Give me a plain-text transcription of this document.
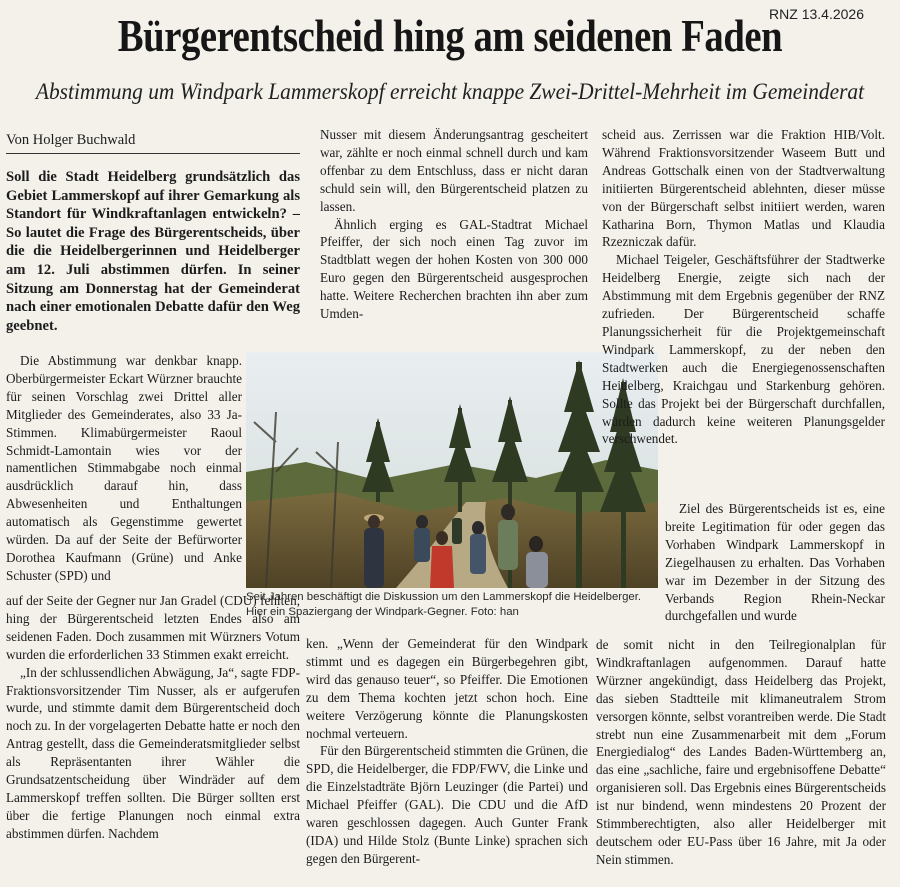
RNZ 13.4.2026
Bürgerentscheid hing am seidenen Faden
Abstimmung um Windpark Lammerskopf erreicht knappe Zwei-Drittel-Mehrheit im Gemeinderat
Von Holger Buchwald

Soll die Stadt Heidelberg grundsätzlich das Gebiet Lammerskopf auf ihrer Gemarkung als Standort für Windkraftanlagen entwickeln? – So lautet die Frage des Bürgerentscheids, über die die Heidelbergerinnen und Heidelberger am 12. Juli abstimmen dürfen. In seiner Sitzung am Donnerstag hat der Gemeinderat nach einer emotionalen Debatte dafür den Weg geebnet.

Die Abstimmung war denkbar knapp. Oberbürgermeister Eckart Würzner brauchte für seinen Vorschlag zwei Drittel aller Mitglieder des Gemeinderates, also 33 Ja-Stimmen. Klimabürgermeister Raoul Schmidt-Lamontain wies vor der namentlichen Stimmabgabe noch einmal ausdrücklich darauf hin, dass Abwesenheiten und Enthaltungen automatisch als Gegenstimme gewertet würden. Da auf der Seite der Befürworter Dorothea Kaufmann (Grüne) und Anke Schuster (SPD) und

auf der Seite der Gegner nur Jan Gradel (CDU) fehlten, hing der Bürgerentscheid letzten Endes also am seidenen Faden. Doch zusammen mit Würzners Votum wurden die erforderlichen 33 Stimmen exakt erreicht.

„In der schlussendlichen Abwägung, Ja“, sagte FDP-Fraktionsvorsitzender Tim Nusser, als er aufgerufen wurde, und stimmte damit dem Bürgerentscheid doch noch zu. In der vorgelagerten Debatte hatte er noch den Antrag gestellt, dass die Gemeinderatsmitglieder selbst als Repräsentanten ihrer Wähler die Grundsatzentscheidung über Windräder auf dem Lammerskopf treffen sollten. Die Bürger sollten erst über die fertige Planungen noch einmal extra abstimmen dürfen. Nachdem

Nusser mit diesem Änderungsantrag gescheitert war, zählte er noch einmal schnell durch und kam offenbar zu dem Entschluss, dass er nicht daran schuld sein will, den Bürgerentscheid platzen zu lassen.

Ähnlich erging es GAL-Stadtrat Michael Pfeiffer, der sich noch einen Tag zuvor im Stadtblatt wegen der hohen Kosten von 300 000 Euro gegen den Bürgerentscheid ausgesprochen hatte. Weitere Recherchen brachten ihn aber zum Umden-

Seit Jahren beschäftigt die Diskussion um den Lammerskopf die Heidelberger. Hier ein Spaziergang der Windpark-Gegner. Foto: han

ken. „Wenn der Gemeinderat für den Windpark stimmt und es dagegen ein Bürgerbegehren gibt, wird das genauso teuer“, so Pfeiffer. Die Emotionen zu dem Thema kochten jetzt schon hoch. Eine weitere Verzögerung könnte die Planungskosten nochmal verteuern.

Für den Bürgerentscheid stimmten die Grünen, die SPD, die Heidelberger, die FDP/FWV, die Linke und die Einzelstadträte Björn Leuzinger (die Partei) und Michael Pfeiffer (GAL). Die CDU und die AfD waren geschlossen dagegen. Auch Gunter Frank (IDA) und Hilde Stolz (Bunte Linke) sprachen sich gegen den Bürgerent-

scheid aus. Zerrissen war die Fraktion HIB/Volt. Während Fraktionsvorsitzender Waseem Butt und Andreas Gottschalk einen von der Stadtverwaltung initiierten Bürgerentscheid ablehnten, dieser müsse von der Bürgerschaft selbst initiiert werden, waren Katharina Born, Thymon Matlas und Klaudia Rzezniczak dafür.

Michael Teigeler, Geschäftsführer der Stadtwerke Heidelberg Energie, zeigte sich nach der Abstimmung mit dem Ergebnis gegenüber der RNZ zufrieden. Der Bürgerentscheid schaffe Planungssicherheit für die Projektgemeinschaft Windpark Lammerskopf, zu der neben den Stadtwerken auch die Energiegenossenschaften Heidelberg, Kraichgau und Starkenburg gehören. Sollte das Projekt bei der Bürgerschaft durchfallen, würden dadurch keine weiteren Planungsgelder verschwendet.

Ziel des Bürgerentscheids ist es, eine breite Legitimation für oder gegen das Vorhaben Windpark Lammerskopf in Ziegelhausen zu erhalten. Das Vorhaben war im Dezember in der Sitzung des Verbands Region Rhein-Neckar durchgefallen und wurde

de somit nicht in den Teilregionalplan für Windkraftanlagen aufgenommen. Darauf hatte Würzner angekündigt, dass Heidelberg das Projekt, das sieben Stadtteile mit klimaneutralem Strom versorgen könnte, selbst vorantreiben werde. Die Stadt strebt nun eine Zusammenarbeit mit dem „Forum Energiedialog“ des Landes Baden-Württemberg an, das eine „sachliche, faire und ergebnisoffene Debatte“ organisieren soll. Das Ergebnis eines Bürgerentscheids ist nur bindend, wenn mindestens 20 Prozent der Stimmberechtigten, also aller Heidelberger mit deutschem oder EU-Pass über 16 Jahre, mit Ja oder Nein stimmen.
